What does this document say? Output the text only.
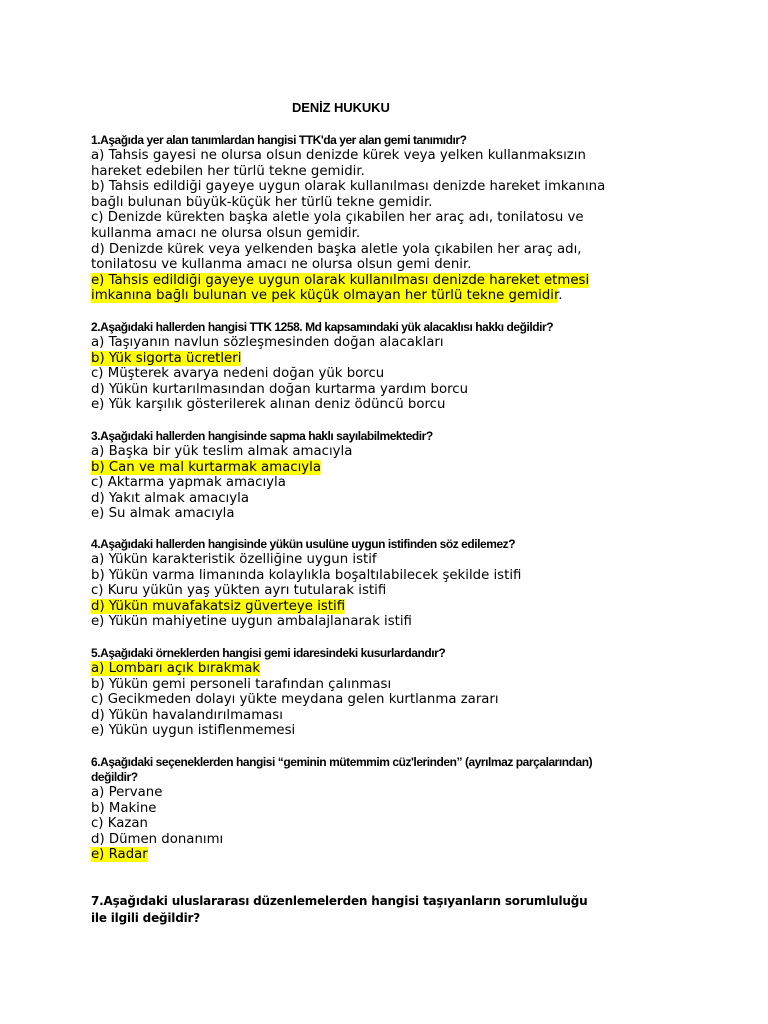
DENİZ HUKUKU
1.Aşağıda yer alan tanımlardan hangisi TTK'da yer alan gemi tanımıdır?
a) Tahsis gayesi ne olursa olsun denizde kürek veya yelken kullanmaksızın
hareket edebilen her türlü tekne gemidir.
b) Tahsis edildiği gayeye uygun olarak kullanılması denizde hareket imkanına
bağlı bulunan büyük-küçük her türlü tekne gemidir.
c) Denizde kürekten başka aletle yola çıkabilen her araç adı, tonilatosu ve
kullanma amacı ne olursa olsun gemidir.
d) Denizde kürek veya yelkenden başka aletle yola çıkabilen her araç adı,
tonilatosu ve kullanma amacı ne olursa olsun gemi denir.
e) Tahsis edildiği gayeye uygun olarak kullanılması denizde hareket etmesi
imkanına bağlı bulunan ve pek küçük olmayan her türlü tekne gemidir.
2.Aşağıdaki hallerden hangisi TTK 1258. Md kapsamındaki yük alacaklısı hakkı değildir?
a) Taşıyanın navlun sözleşmesinden doğan alacakları
b) Yük sigorta ücretleri
c) Müşterek avarya nedeni doğan yük borcu
d) Yükün kurtarılmasından doğan kurtarma yardım borcu
e) Yük karşılık gösterilerek alınan deniz ödüncü borcu
3.Aşağıdaki hallerden hangisinde sapma haklı sayılabilmektedir?
a) Başka bir yük teslim almak amacıyla
b) Can ve mal kurtarmak amacıyla
c) Aktarma yapmak amacıyla
d) Yakıt almak amacıyla
e) Su almak amacıyla
4.Aşağıdaki hallerden hangisinde yükün usulüne uygun istifinden söz edilemez?
a) Yükün karakteristik özelliğine uygun istif
b) Yükün varma limanında kolaylıkla boşaltılabilecek şekilde istifi
c) Kuru yükün yaş yükten ayrı tutularak istifi
d) Yükün muvafakatsiz güverteye istifi
e) Yükün mahiyetine uygun ambalajlanarak istifi
5.Aşağıdaki örneklerden hangisi gemi idaresindeki kusurlardandır?
a) Lombarı açık bırakmak
b) Yükün gemi personeli tarafından çalınması
c) Gecikmeden dolayı yükte meydana gelen kurtlanma zararı
d) Yükün havalandırılmaması
e) Yükün uygun istiflenmemesi
6.Aşağıdaki seçeneklerden hangisi “geminin mütemmim cüz'lerinden” (ayrılmaz parçalarından)
değildir?
a) Pervane
b) Makine
c) Kazan
d) Dümen donanımı
e) Radar
7.Aşağıdaki uluslararası düzenlemelerden hangisi taşıyanların sorumluluğu
ile ilgili değildir?
